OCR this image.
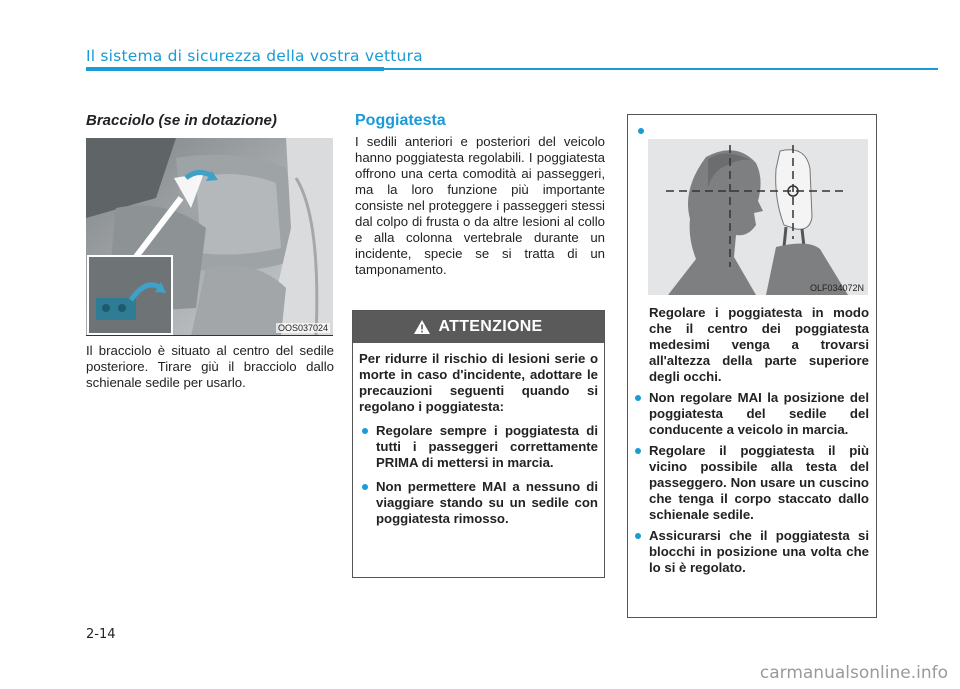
Il sistema di sicurezza della vostra vettura
Bracciolo (se in dotazione)
OOS037024
Il bracciolo è situato al centro del sedile posteriore. Tirare giù il bracciolo dallo schienale sedile per usarlo.
Poggiatesta
I sedili anteriori e posteriori del veicolo hanno poggiatesta regolabili. I poggiatesta offrono una certa comodità ai passeggeri, ma la loro funzione più importante consiste nel proteggere i passeggeri stessi dal colpo di frusta o da altre lesioni al collo e alla colonna vertebrale durante un incidente, specie se si tratta di un tamponamento.
ATTENZIONE
Per ridurre il rischio di lesioni serie o morte in caso d'incidente, adottare le precauzioni seguenti quando si regolano i poggiatesta:
Regolare sempre i poggiatesta di tutti i passeggeri correttamente PRIMA di mettersi in marcia.
Non permettere MAI a nessuno di viaggiare stando su un sedile con poggiatesta rimosso.
OLF034072N
Regolare i poggiatesta in modo che il centro dei poggiatesta medesimi venga a trovarsi all'altezza della parte superiore degli occhi.
Non regolare MAI la posizione del poggiatesta del sedile del conducente a veicolo in marcia.
Regolare il poggiatesta il più vicino possibile alla testa del passeggero. Non usare un cuscino che tenga il corpo staccato dallo schienale sedile.
Assicurarsi che il poggiatesta si blocchi in posizione una volta che lo si è regolato.
2-14
carmanualsonline.info
